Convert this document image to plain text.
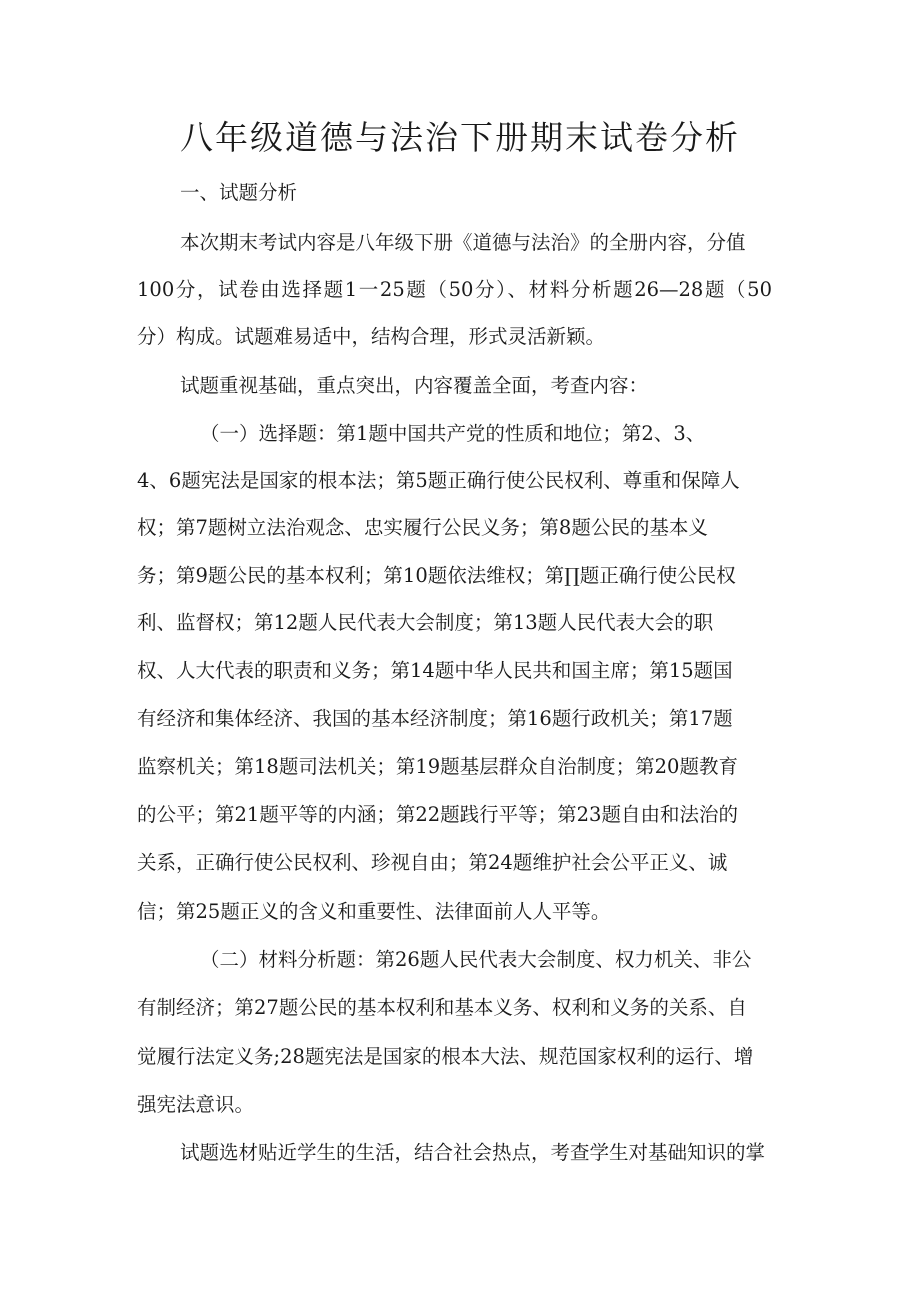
八年级道德与法治下册期末试卷分析

一、试题分析

本次期末考试内容是八年级下册《道德与法治》的全册内容，分值

100分，试卷由选择题1一25题（50分）、材料分析题26—28题（50

分）构成。试题难易适中，结构合理，形式灵活新颖。

试题重视基础，重点突出，内容覆盖全面，考查内容：

（一）选择题：第1题中国共产党的性质和地位；第2、3、

4、6题宪法是国家的根本法；第5题正确行使公民权利、尊重和保障人

权；第7题树立法治观念、忠实履行公民义务；第8题公民的基本义

务；第9题公民的基本权利；第10题依法维权；第∏题正确行使公民权

利、监督权；第12题人民代表大会制度；第13题人民代表大会的职

权、人大代表的职责和义务；第14题中华人民共和国主席；第15题国

有经济和集体经济、我国的基本经济制度；第16题行政机关；第17题

监察机关；第18题司法机关；第19题基层群众自治制度；第20题教育

的公平；第21题平等的内涵；第22题践行平等；第23题自由和法治的

关系，正确行使公民权利、珍视自由；第24题维护社会公平正义、诚

信；第25题正义的含义和重要性、法律面前人人平等。

（二）材料分析题：第26题人民代表大会制度、权力机关、非公

有制经济；第27题公民的基本权利和基本义务、权利和义务的关系、自

觉履行法定义务;28题宪法是国家的根本大法、规范国家权利的运行、增

强宪法意识。

试题选材贴近学生的生活，结合社会热点，考查学生对基础知识的掌
